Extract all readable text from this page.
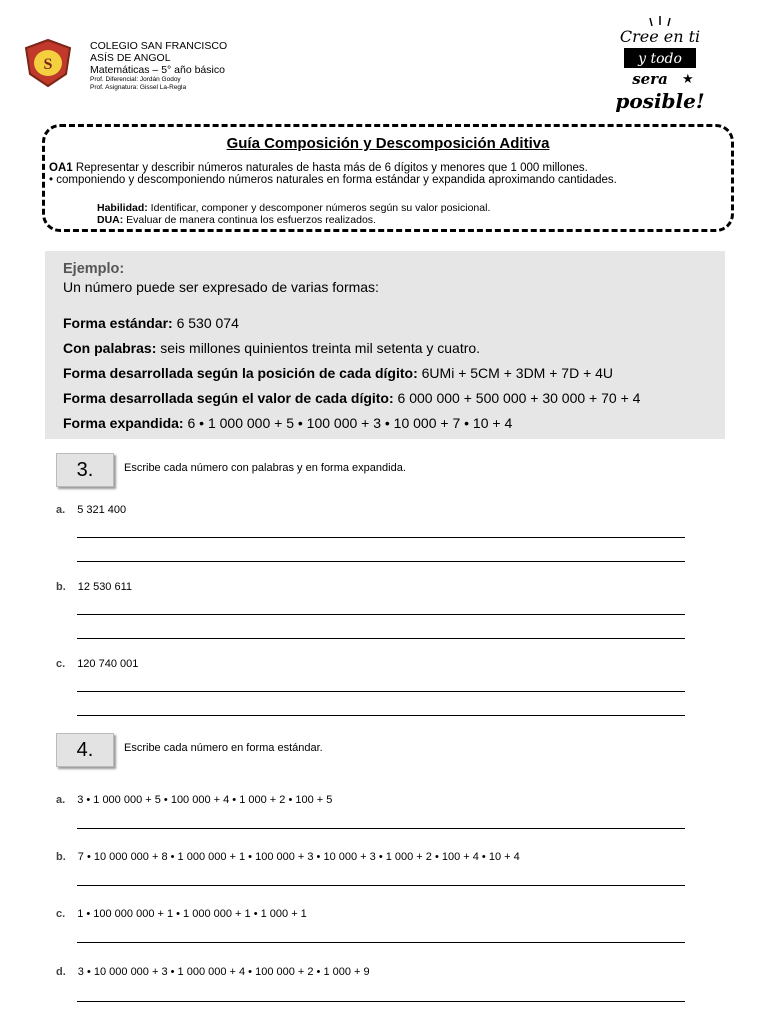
S
COLEGIO SAN FRANCISCO
ASÍS DE ANGOL
Matemáticas – 5° año básico
Prof. Diferencial: Jordán Godoy
Prof. Asignatura: Gissel La-Regla
Cree en ti
y todo
sera ★
posible!
Guía Composición y Descomposición Aditiva
OA1 Representar y describir números naturales de hasta más de 6 dígitos y menores que 1 000 millones.
• componiendo y descomponiendo números naturales en forma estándar y expandida aproximando cantidades.
Habilidad: Identificar, componer y descomponer números según su valor posicional.
DUA: Evaluar de manera continua los esfuerzos realizados.
Ejemplo:
Un número puede ser expresado de varias formas:
Forma estándar: 6 530 074
Con palabras: seis millones quinientos treinta mil setenta y cuatro.
Forma desarrollada según la posición de cada dígito: 6UMi + 5CM + 3DM + 7D + 4U
Forma desarrollada según el valor de cada dígito: 6 000 000 + 500 000 + 30 000 + 70 + 4
Forma expandida: 6 • 1 000 000 + 5 • 100 000 + 3 • 10 000 + 7 • 10 + 4
3.	Escribe cada número con palabras y en forma expandida.
a. 5 321 400
b. 12 530 611
c. 120 740 001
4.	Escribe cada número en forma estándar.
a. 3 • 1 000 000 + 5 • 100 000 + 4 • 1 000 + 2 • 100 + 5
b. 7 • 10 000 000 + 8 • 1 000 000 + 1 • 100 000 + 3 • 10 000 + 3 • 1 000 + 2 • 100 + 4 • 10 + 4
c. 1 • 100 000 000 + 1 • 1 000 000 + 1 • 1 000 + 1
d. 3 • 10 000 000 + 3 • 1 000 000 + 4 • 100 000 + 2 • 1 000 + 9
